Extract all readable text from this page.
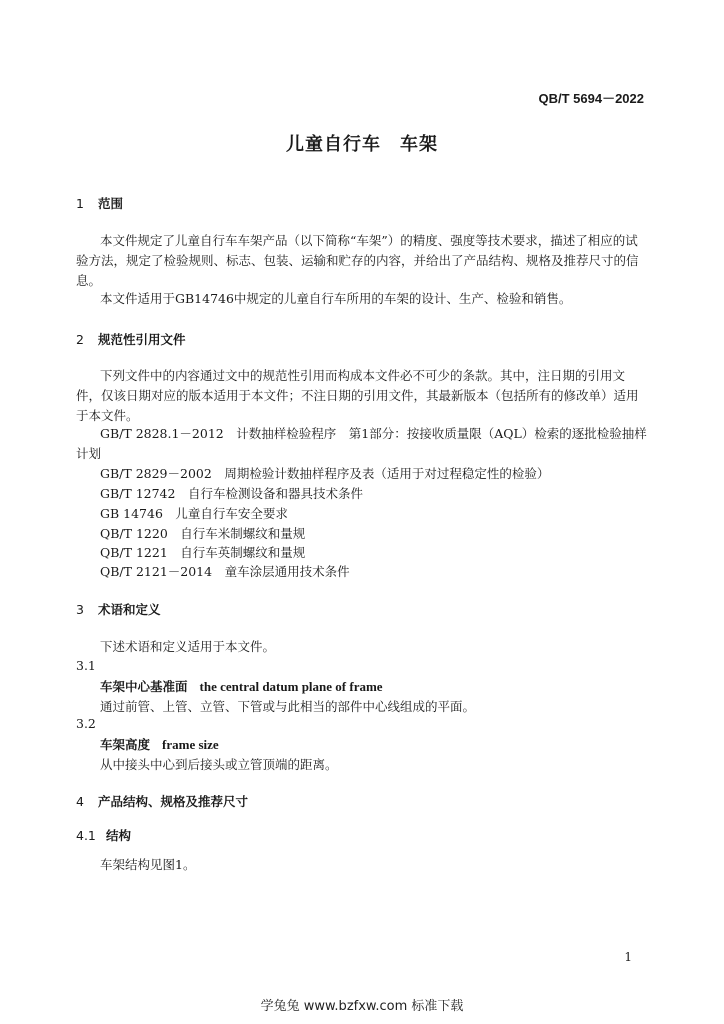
QB/T 5694－2022
儿童自行车　车架
1 范围
本文件规定了儿童自行车车架产品（以下简称“车架”）的精度、强度等技术要求，描述了相应的试验方法，规定了检验规则、标志、包装、运输和贮存的内容，并给出了产品结构、规格及推荐尺寸的信息。
本文件适用于GB14746中规定的儿童自行车所用的车架的设计、生产、检验和销售。
2 规范性引用文件
下列文件中的内容通过文中的规范性引用而构成本文件必不可少的条款。其中，注日期的引用文件，仅该日期对应的版本适用于本文件；不注日期的引用文件，其最新版本（包括所有的修改单）适用于本文件。
GB/T 2828.1－2012　计数抽样检验程序　第1部分：按接收质量限（AQL）检索的逐批检验抽样计划
GB/T 2829－2002　周期检验计数抽样程序及表（适用于对过程稳定性的检验）
GB/T 12742　自行车检测设备和器具技术条件
GB 14746　儿童自行车安全要求
QB/T 1220　自行车米制螺纹和量规
QB/T 1221　自行车英制螺纹和量规
QB/T 2121－2014　童车涂层通用技术条件
3 术语和定义
下述术语和定义适用于本文件。
3.1
车架中心基准面 the central datum plane of frame
通过前管、上管、立管、下管或与此相当的部件中心线组成的平面。
3.2
车架高度 frame size
从中接头中心到后接头或立管顶端的距离。
4 产品结构、规格及推荐尺寸
4.1 结构
车架结构见图1。
1
学兔兔 www.bzfxw.com 标准下载
